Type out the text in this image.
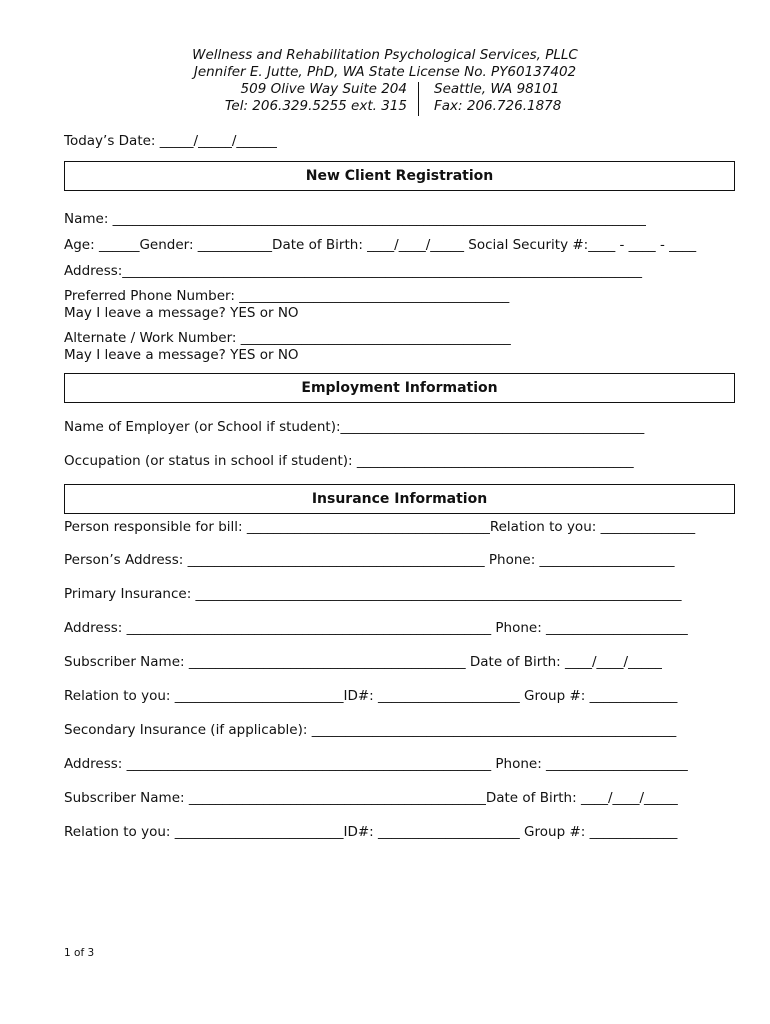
Wellness and Rehabilitation Psychological Services, PLLC
Jennifer E. Jutte, PhD, WA State License No. PY60137402
509 Olive Way Suite 204 Seattle, WA 98101
Tel: 206.329.5255 ext. 315 Fax: 206.726.1878
Today’s Date: _____/_____/______
New Client Registration
Name: _______________________________________________________________________________
Age: ______Gender: ___________Date of Birth: ____/____/_____ Social Security #:____ - ____ - ____
Address:_____________________________________________________________________________
Preferred Phone Number: ________________________________________
May I leave a message? YES or NO
Alternate / Work Number: ________________________________________
May I leave a message? YES or NO
Employment Information
Name of Employer (or School if student):_____________________________________________
Occupation (or status in school if student): _________________________________________
Insurance Information
Person responsible for bill: ____________________________________Relation to you: ______________
Person’s Address: ____________________________________________ Phone: ____________________
Primary Insurance: ________________________________________________________________________
Address: ______________________________________________________ Phone: _____________________
Subscriber Name: _________________________________________ Date of Birth: ____/____/_____
Relation to you: _________________________ID#: _____________________ Group #: _____________
Secondary Insurance (if applicable): ______________________________________________________
Address: ______________________________________________________ Phone: _____________________
Subscriber Name: ____________________________________________Date of Birth: ____/____/_____
Relation to you: _________________________ID#: _____________________ Group #: _____________
1 of 3
